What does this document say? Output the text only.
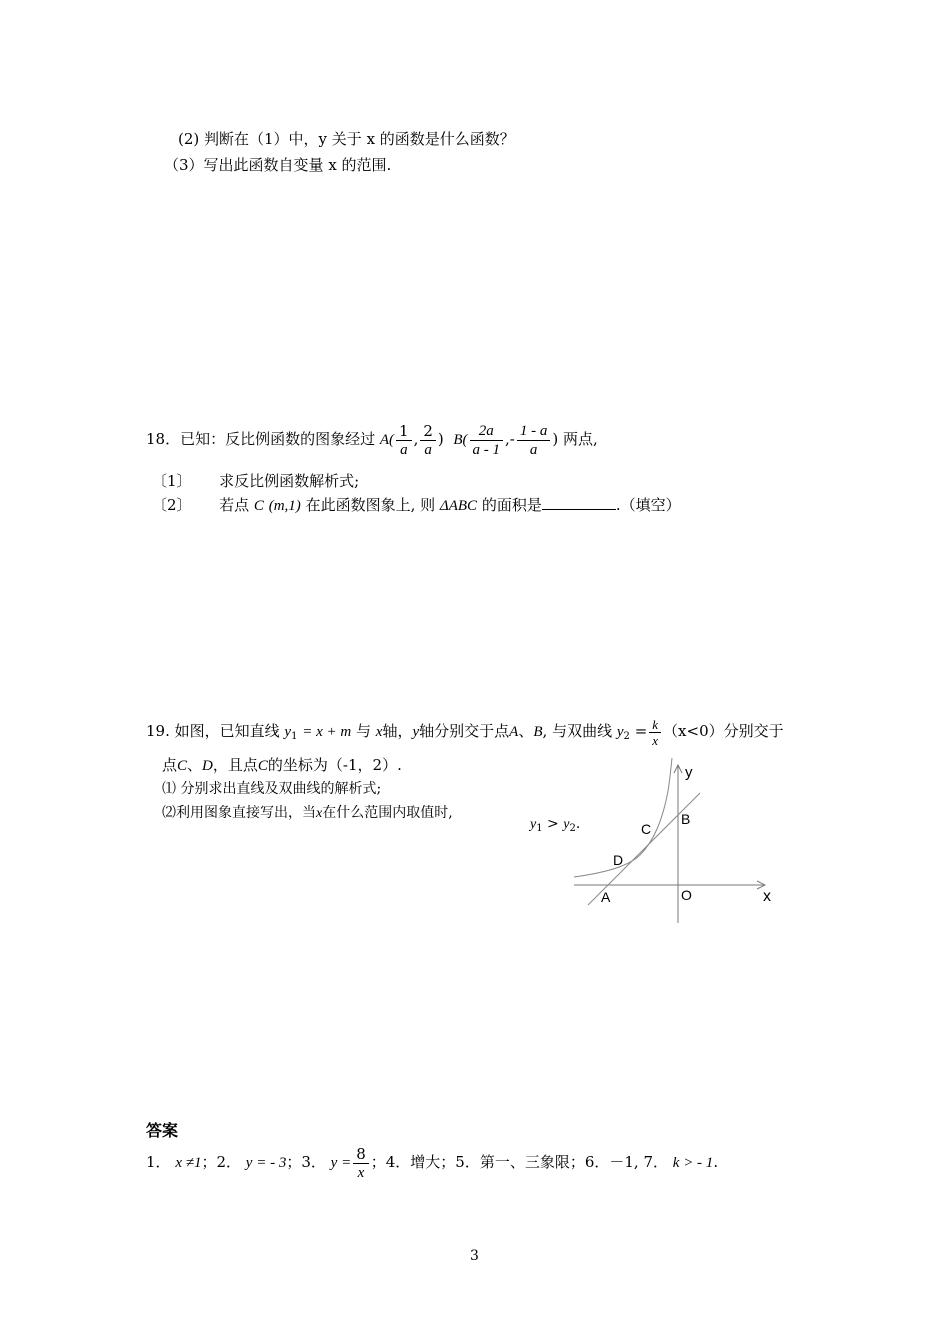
(2) 判断在（1）中，y 关于 x 的函数是什么函数？
（3）写出此函数自变量 x 的范围.
18．已知：反比例函数的图象经过 $A( \frac{1}{a}$ , $\frac{2}{a}$ ) $B( \frac{2a}{a - 1}$ ,- $\frac{1 - a}{a}$ ) 两点,
〔1〕 求反比例函数解析式;
〔2〕 若点 C (m,1) 在此函数图象上, 则 ΔABC 的面积是	.（填空）
19. 如图，已知直线 $y_1 = x + m$ 与 x轴，y轴分别交于点A、B, 与双曲线 $y_2 = \frac{k}{x} (x<0)$分别交于
点C、D，且点C的坐标为（-1，2）.
⑴ 分别求出直线及双曲线的解析式;
⑵利用图象直接写出，当x在什么范围内取值时,
$y_1 > y_2$.
y
x
B
C
D
A	O
答案
1． x ≠1；2． y = - 3；3． $y = \frac{8}{x}$ ；4．增大；5．第一、三象限；6．－1, 7． k > - 1.
3
